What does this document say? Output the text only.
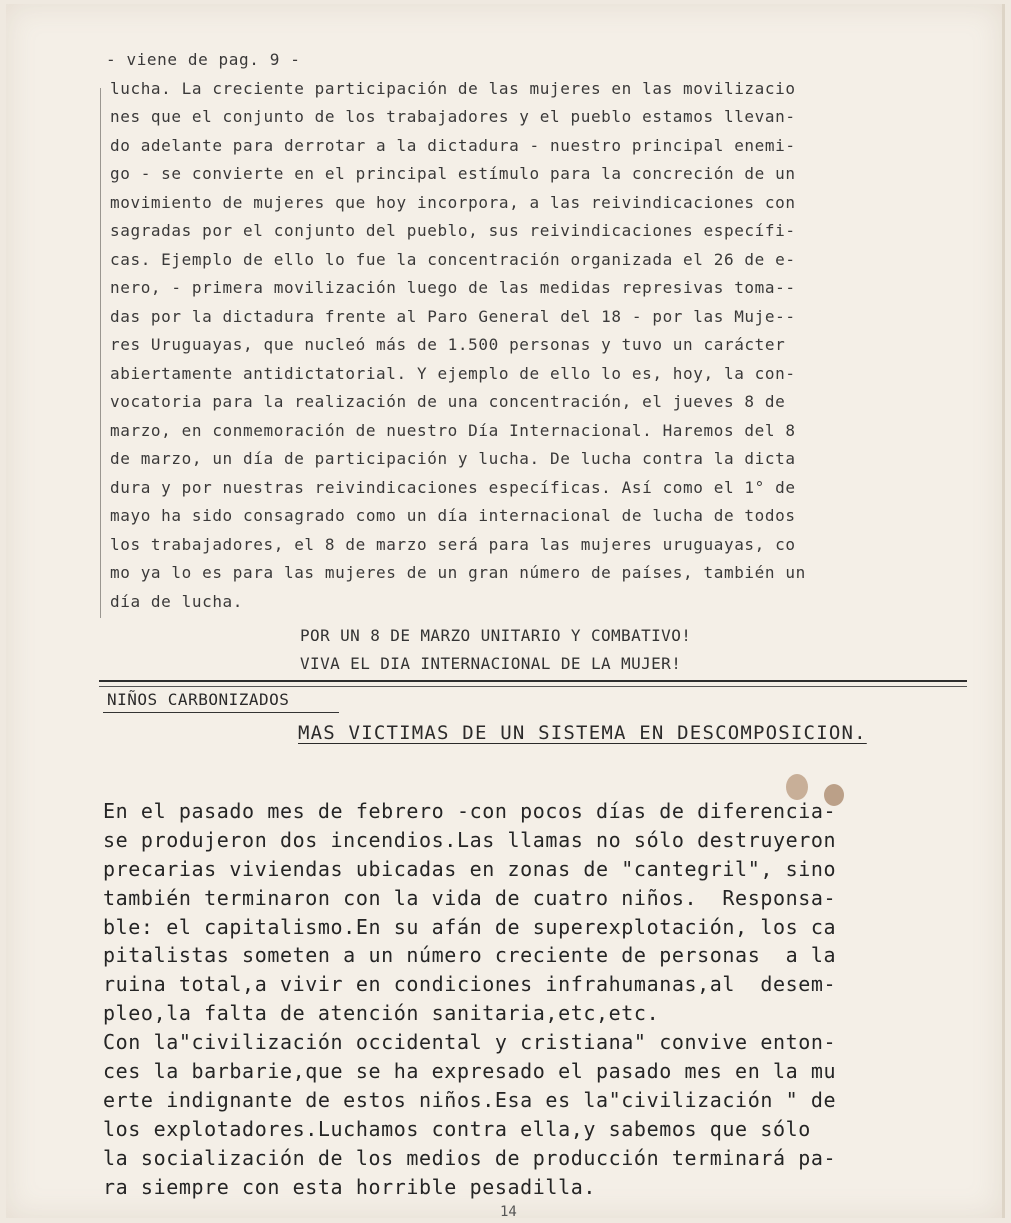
- viene de pag. 9 -
lucha. La creciente participación de las mujeres en las movilizacio
nes que el conjunto de los trabajadores y el pueblo estamos llevan-
do adelante para derrotar a la dictadura - nuestro principal enemi-
go - se convierte en el principal estímulo para la concreción de un
movimiento de mujeres que hoy incorpora, a las reivindicaciones con
sagradas por el conjunto del pueblo, sus reivindicaciones específi-
cas. Ejemplo de ello lo fue la concentración organizada el 26 de e-
nero, - primera movilización luego de las medidas represivas toma--
das por la dictadura frente al Paro General del 18 - por las Muje--
res Uruguayas, que nucleó más de 1.500 personas y tuvo un carácter
abiertamente antidictatorial. Y ejemplo de ello lo es, hoy, la con-
vocatoria para la realización de una concentración, el jueves 8 de
marzo, en conmemoración de nuestro Día Internacional. Haremos del 8
de marzo, un día de participación y lucha. De lucha contra la dicta
dura y por nuestras reivindicaciones específicas. Así como el 1° de
mayo ha sido consagrado como un día internacional de lucha de todos
los trabajadores, el 8 de marzo será para las mujeres uruguayas, co
mo ya lo es para las mujeres de un gran número de países, también un
día de lucha.
POR UN 8 DE MARZO UNITARIO Y COMBATIVO!
VIVA EL DIA INTERNACIONAL DE LA MUJER!
NIÑOS CARBONIZADOS
MAS VICTIMAS DE UN SISTEMA EN DESCOMPOSICION.
En el pasado mes de febrero -con pocos días de diferencia-
se produjeron dos incendios.Las llamas no sólo destruyeron
precarias viviendas ubicadas en zonas de "cantegril", sino
también terminaron con la vida de cuatro niños.  Responsa-
ble: el capitalismo.En su afán de superexplotación, los ca
pitalistas someten a un número creciente de personas  a la
ruina total,a vivir en condiciones infrahumanas,al  desem-
pleo,la falta de atención sanitaria,etc,etc.
Con la"civilización occidental y cristiana" convive enton-
ces la barbarie,que se ha expresado el pasado mes en la mu
erte indignante de estos niños.Esa es la"civilización " de
los explotadores.Luchamos contra ella,y sabemos que sólo
la socialización de los medios de producción terminará pa-
ra siempre con esta horrible pesadilla.
14
